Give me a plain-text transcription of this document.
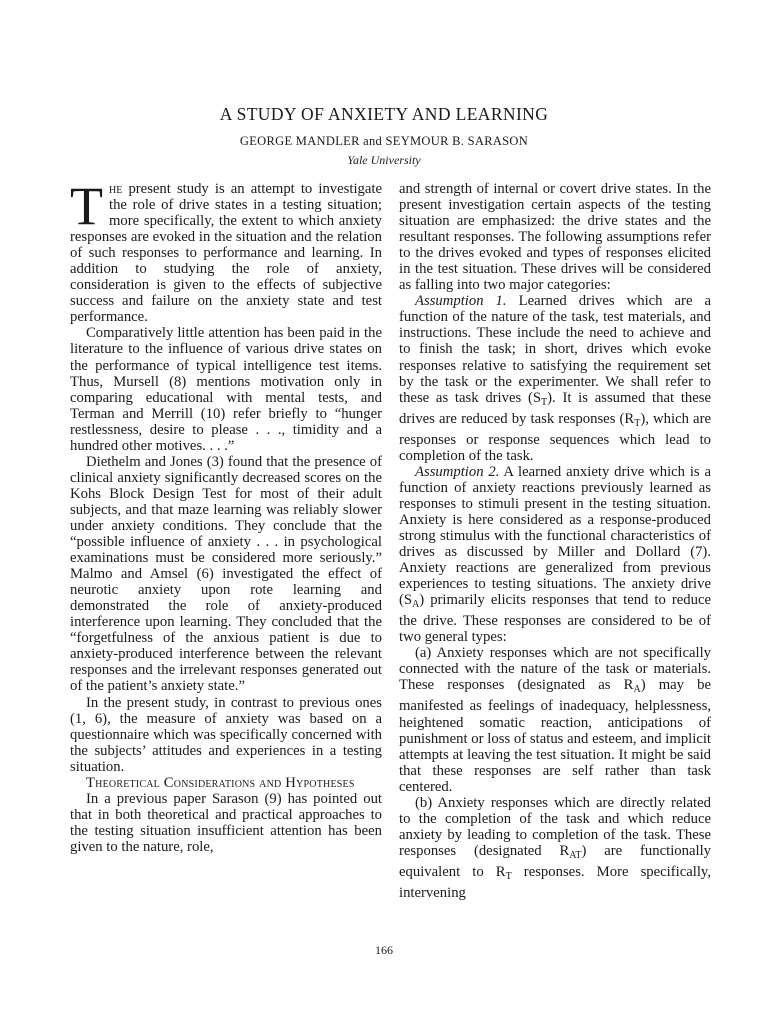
A STUDY OF ANXIETY AND LEARNING
GEORGE MANDLER and SEYMOUR B. SARASON
Yale University

The present study is an attempt to investigate the role of drive states in a testing situation; more specifically, the extent to which anxiety responses are evoked in the situation and the relation of such responses to performance and learning. In addition to studying the role of anxiety, consideration is given to the effects of subjective success and failure on the anxiety state and test performance.

Comparatively little attention has been paid in the literature to the influence of various drive states on the performance of typical intelligence test items. Thus, Mursell (8) mentions motivation only in comparing educational with mental tests, and Terman and Merrill (10) refer briefly to “hunger restlessness, desire to please . . ., timidity and a hundred other motives. . . .”

Diethelm and Jones (3) found that the presence of clinical anxiety significantly decreased scores on the Kohs Block Design Test for most of their adult subjects, and that maze learning was reliably slower under anxiety conditions. They conclude that the “possible influence of anxiety . . . in psychological examinations must be considered more seriously.” Malmo and Amsel (6) investigated the effect of neurotic anxiety upon rote learning and demonstrated the role of anxiety-produced interference upon learning. They concluded that the “forgetfulness of the anxious patient is due to anxiety-produced interference between the relevant responses and the irrelevant responses generated out of the patient’s anxiety state.”

In the present study, in contrast to previous ones (1, 6), the measure of anxiety was based on a questionnaire which was specifically concerned with the subjects’ attitudes and experiences in a testing situation.

Theoretical Considerations and Hypotheses

In a previous paper Sarason (9) has pointed out that in both theoretical and practical approaches to the testing situation insufficient attention has been given to the nature, role,

and strength of internal or covert drive states. In the present investigation certain aspects of the testing situation are emphasized: the drive states and the resultant responses. The following assumptions refer to the drives evoked and types of responses elicited in the test situation. These drives will be considered as falling into two major categories:

Assumption 1. Learned drives which are a function of the nature of the task, test materials, and instructions. These include the need to achieve and to finish the task; in short, drives which evoke responses relative to satisfying the requirement set by the task or the experimenter. We shall refer to these as task drives $(S_T)$. It is assumed that these drives are reduced by task responses $(R_T)$, which are responses or response sequences which lead to completion of the task.

Assumption 2. A learned anxiety drive which is a function of anxiety reactions previously learned as responses to stimuli present in the testing situation. Anxiety is here considered as a response-produced strong stimulus with the functional characteristics of drives as discussed by Miller and Dollard (7). Anxiety reactions are generalized from previous experiences to testing situations. The anxiety drive $(S_A)$ primarily elicits responses that tend to reduce the drive. These responses are considered to be of two general types:

(a) Anxiety responses which are not specifically connected with the nature of the task or materials. These responses (designated as $R_A$) may be manifested as feelings of inadequacy, helplessness, heightened somatic reaction, anticipations of punishment or loss of status and esteem, and implicit attempts at leaving the test situation. It might be said that these responses are self rather than task centered.

(b) Anxiety responses which are directly related to the completion of the task and which reduce anxiety by leading to completion of the task. These responses (designated $R_{AT}$) are functionally equivalent to $R_T$ responses. More specifically, intervening

166
